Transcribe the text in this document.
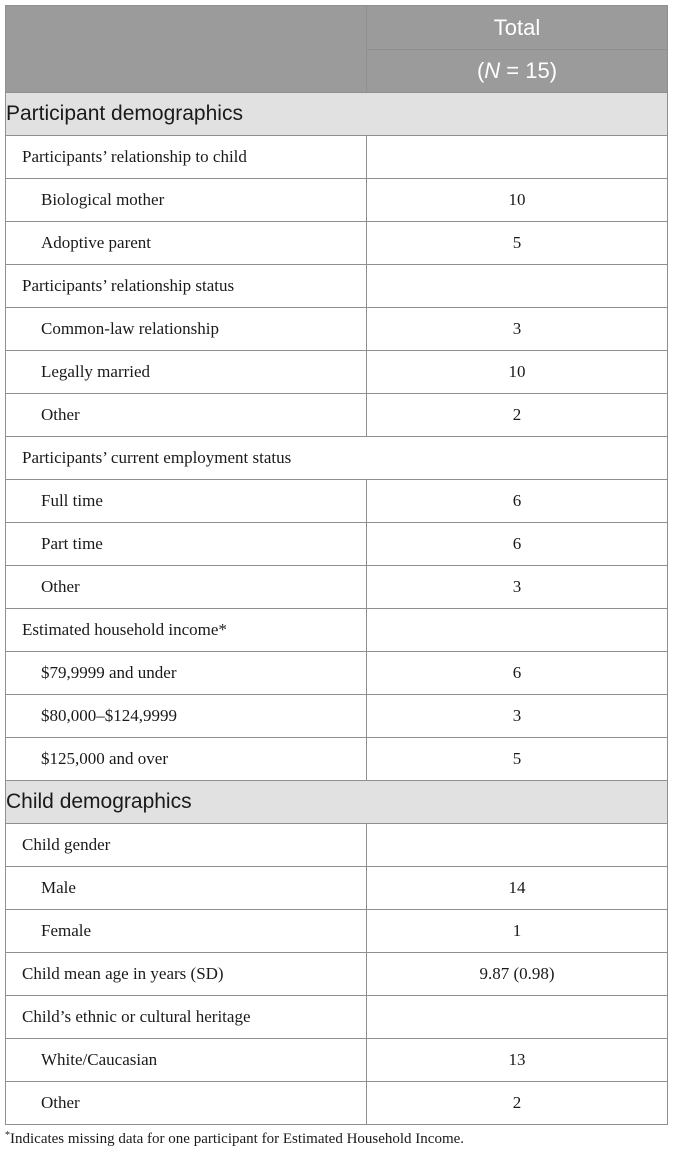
	Total
	(N = 15)
Participant demographics	
Participants’ relationship to child	
Biological mother	10
Adoptive parent	5
Participants’ relationship status	
Common-law relationship	3
Legally married	10
Other	2
Participants’ current employment status	
Full time	6
Part time	6
Other	3
Estimated household income*	
$79,9999 and under	6
$80,000–$124,9999	3
$125,000 and over	5
Child demographics	
Child gender	
Male	14
Female	1
Child mean age in years (SD)	9.87 (0.98)
Child’s ethnic or cultural heritage	
White/Caucasian	13
Other	2
*Indicates missing data for one participant for Estimated Household Income.
